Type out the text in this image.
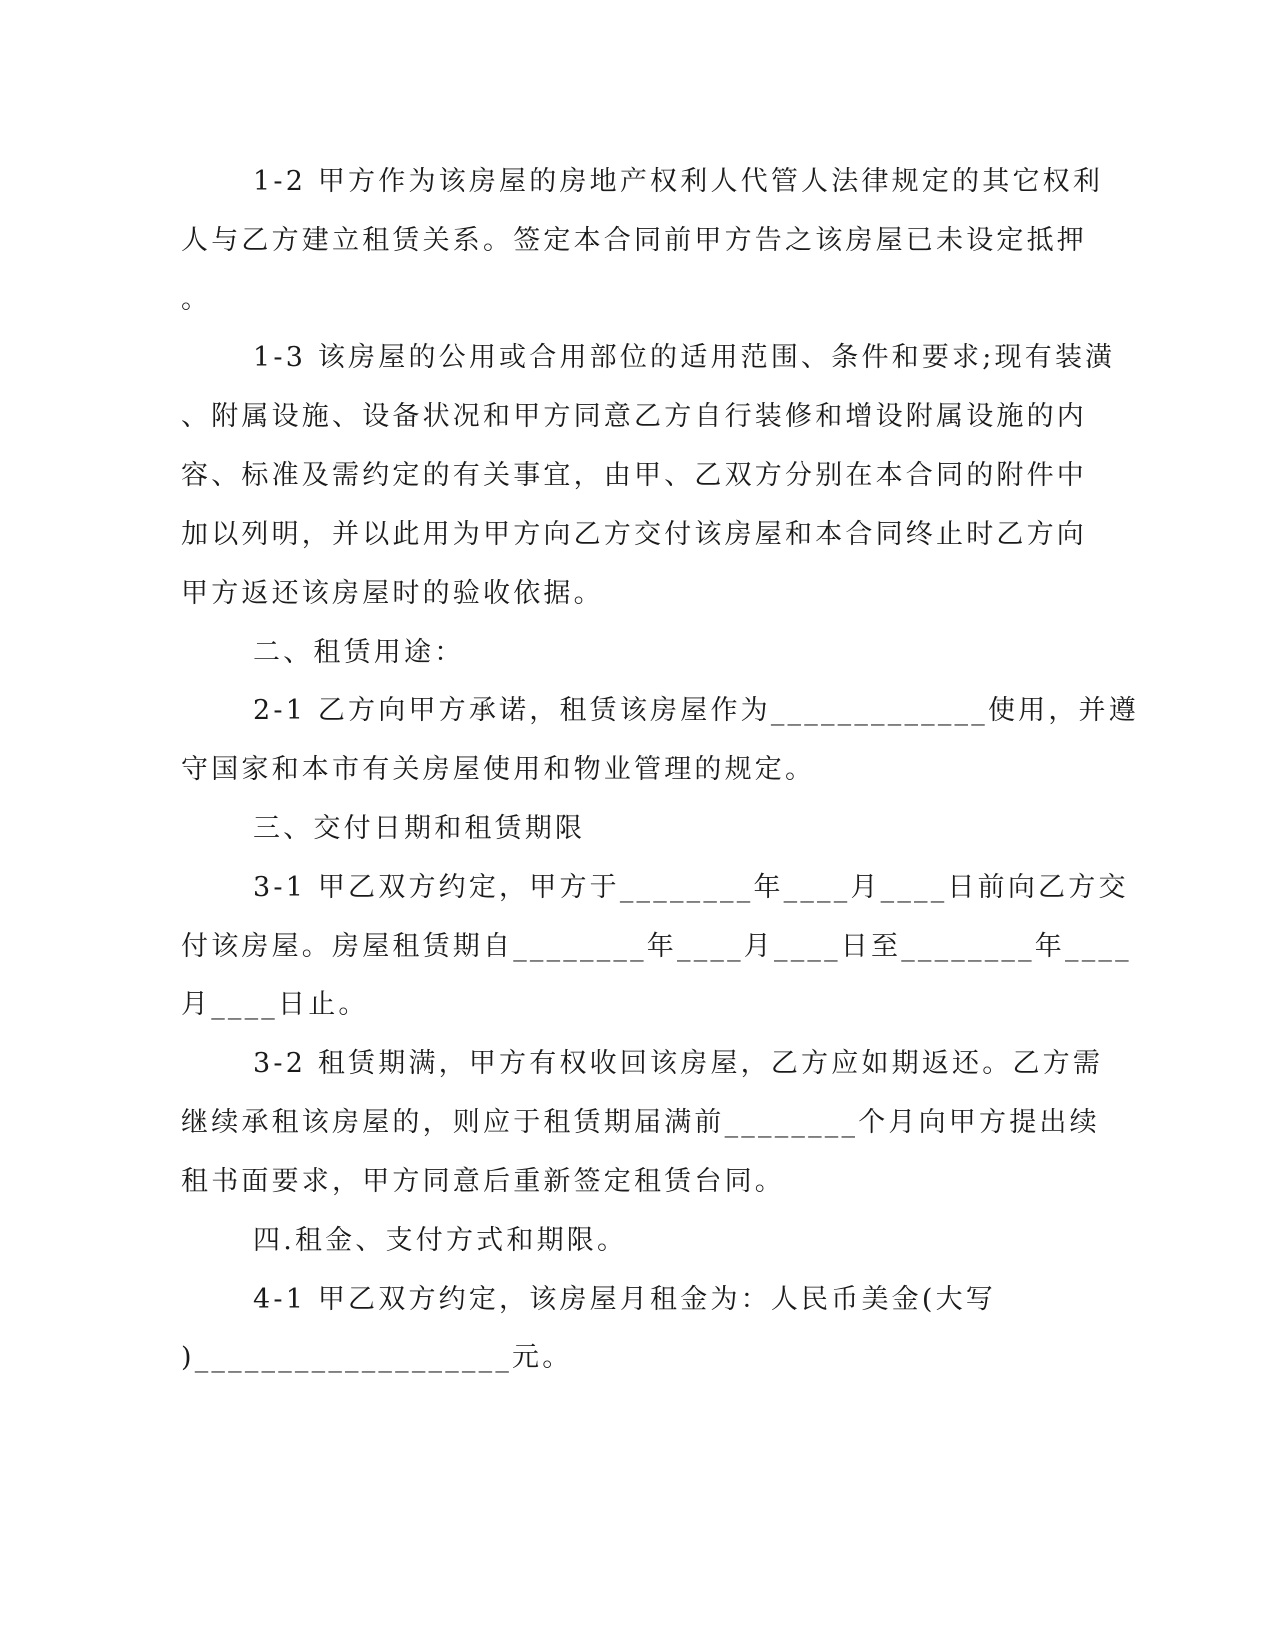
1-2 甲方作为该房屋的房地产权利人代管人法律规定的其它权利
人与乙方建立租赁关系。签定本合同前甲方告之该房屋已未设定抵押
。
1-3 该房屋的公用或合用部位的适用范围、条件和要求;现有装潢
、附属设施、设备状况和甲方同意乙方自行装修和增设附属设施的内
容、标准及需约定的有关事宜，由甲、乙双方分别在本合同的附件中
加以列明，并以此用为甲方向乙方交付该房屋和本合同终止时乙方向
甲方返还该房屋时的验收依据。
二、租赁用途：
2-1 乙方向甲方承诺，租赁该房屋作为_____________使用，并遵
守国家和本市有关房屋使用和物业管理的规定。
三、交付日期和租赁期限
3-1 甲乙双方约定，甲方于________年____月____日前向乙方交
付该房屋。房屋租赁期自________年____月____日至________年____
月____日止。
3-2 租赁期满，甲方有权收回该房屋，乙方应如期返还。乙方需
继续承租该房屋的，则应于租赁期届满前________个月向甲方提出续
租书面要求，甲方同意后重新签定租赁台同。
四.租金、支付方式和期限。
4-1 甲乙双方约定，该房屋月租金为：人民币美金(大写
)___________________元。
